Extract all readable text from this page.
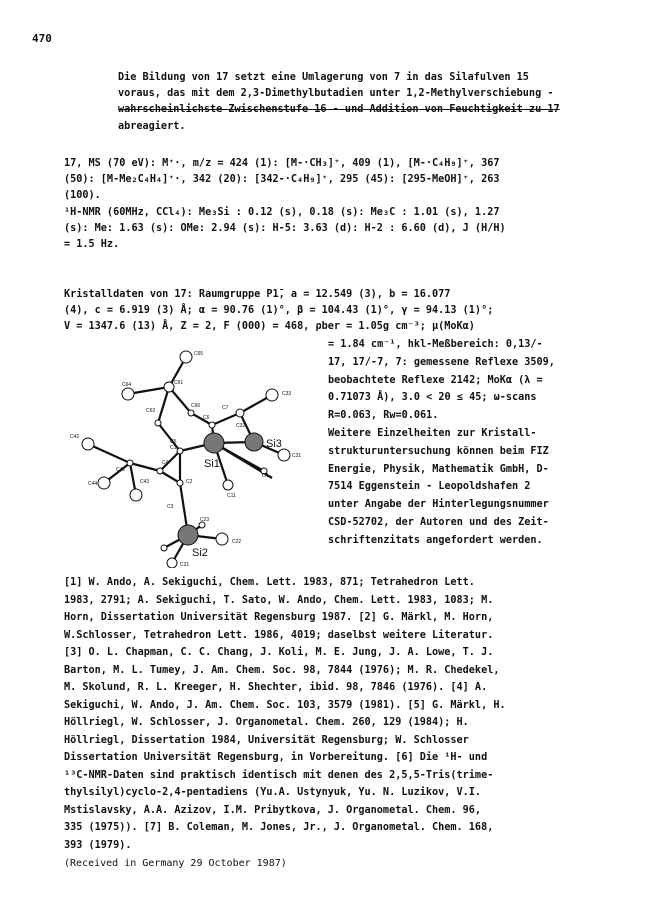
470
Die Bildung von 17 setzt eine Umlagerung von 7 in das Silafulven 15
voraus, das mit dem 2,3-Dimethylbutadien unter 1,2-Methylverschiebung -
wahrscheinlichste Zwischenstufe 16 - und Addition von Feuchtigkeit zu 17
abreagiert.
17, MS (70 eV): M⁺·, m/z = 424 (1): [M-·CH₃]⁺, 409 (1), [M-·C₄H₉]⁺, 367
(50): [M-Me₂C₄H₄]⁺·, 342 (20): [342-·C₄H₉]⁺, 295 (45): [295-MeOH]⁺, 263
(100).
¹H-NMR (60MHz, CCl₄): Me₃Si : 0.12 (s), 0.18 (s): Me₃C : 1.01 (s), 1.27
(s): Me: 1.63 (s): OMe: 2.94 (s): H-5: 3.63 (d): H-2 : 6.60 (d), J (H/H)
= 1.5 Hz.
Kristalldaten von 17: Raumgruppe P1̄, a = 12.549 (3), b = 16.077
(4), c = 6.919 (3) Å; α = 90.76 (1)°, β = 104.43 (1)°, γ = 94.13 (1)°;
V = 1347.6 (13) Å, Z = 2, F (000) = 468, ρber = 1.05g cm⁻³; μ(MoKα)
= 1.84 cm⁻¹, hkl-Meßbereich: 0,13/-
17, 17/-7, 7: gemessene Reflexe 3509,
beobachtete Reflexe 2142; MoKα (λ =
0.71073 Å), 3.0 < 2θ ≤ 45; ω-scans
R=0.063, Rw=0.061.
Weitere Einzelheiten zur Kristall-
strukturuntersuchung können beim FIZ
Energie, Physik, Mathematik GmbH, D-
7514 Eggenstein - Leopoldshafen 2
unter Angabe der Hinterlegungsnummer
CSD-52702, der Autoren und des Zeit-
schriftenzitats angefordert werden.
C65
C61
C64
C66
C62
C6
C7
C32
C33
Si3
C42
C5
C1
Si1
O1
C31
C41
C4
C44	C43	C2
C11
C3
C23
Si2
C22
C21
[1] W. Ando, A. Sekiguchi, Chem. Lett. 1983, 871; Tetrahedron Lett.
1983, 2791; A. Sekiguchi, T. Sato, W. Ando, Chem. Lett. 1983, 1083; M.
Horn, Dissertation Universität Regensburg 1987. [2] G. Märkl, M. Horn,
W.Schlosser, Tetrahedron Lett. 1986, 4019; daselbst weitere Literatur.
[3] O. L. Chapman, C. C. Chang, J. Koli, M. E. Jung, J. A. Lowe, T. J.
Barton, M. L. Tumey, J. Am. Chem. Soc. 98, 7844 (1976); M. R. Chedekel,
M. Skolund, R. L. Kreeger, H. Shechter, ibid. 98, 7846 (1976). [4] A.
Sekiguchi, W. Ando, J. Am. Chem. Soc. 103, 3579 (1981). [5] G. Märkl, H.
Höllriegl, W. Schlosser, J. Organometal. Chem. 260, 129 (1984); H.
Höllriegl, Dissertation 1984, Universität Regensburg; W. Schlosser
Dissertation Universität Regensburg, in Vorbereitung. [6] Die ¹H- und
¹³C-NMR-Daten sind praktisch identisch mit denen des 2,5,5-Tris(trime-
thylsilyl)cyclo-2,4-pentadiens (Yu.A. Ustynyuk, Yu. N. Luzikov, V.I.
Mstislavsky, A.A. Azizov, I.M. Pribytkova, J. Organometal. Chem. 96,
335 (1975)). [7] B. Coleman, M. Jones, Jr., J. Organometal. Chem. 168,
393 (1979).
(Received in Germany 29 October 1987)
